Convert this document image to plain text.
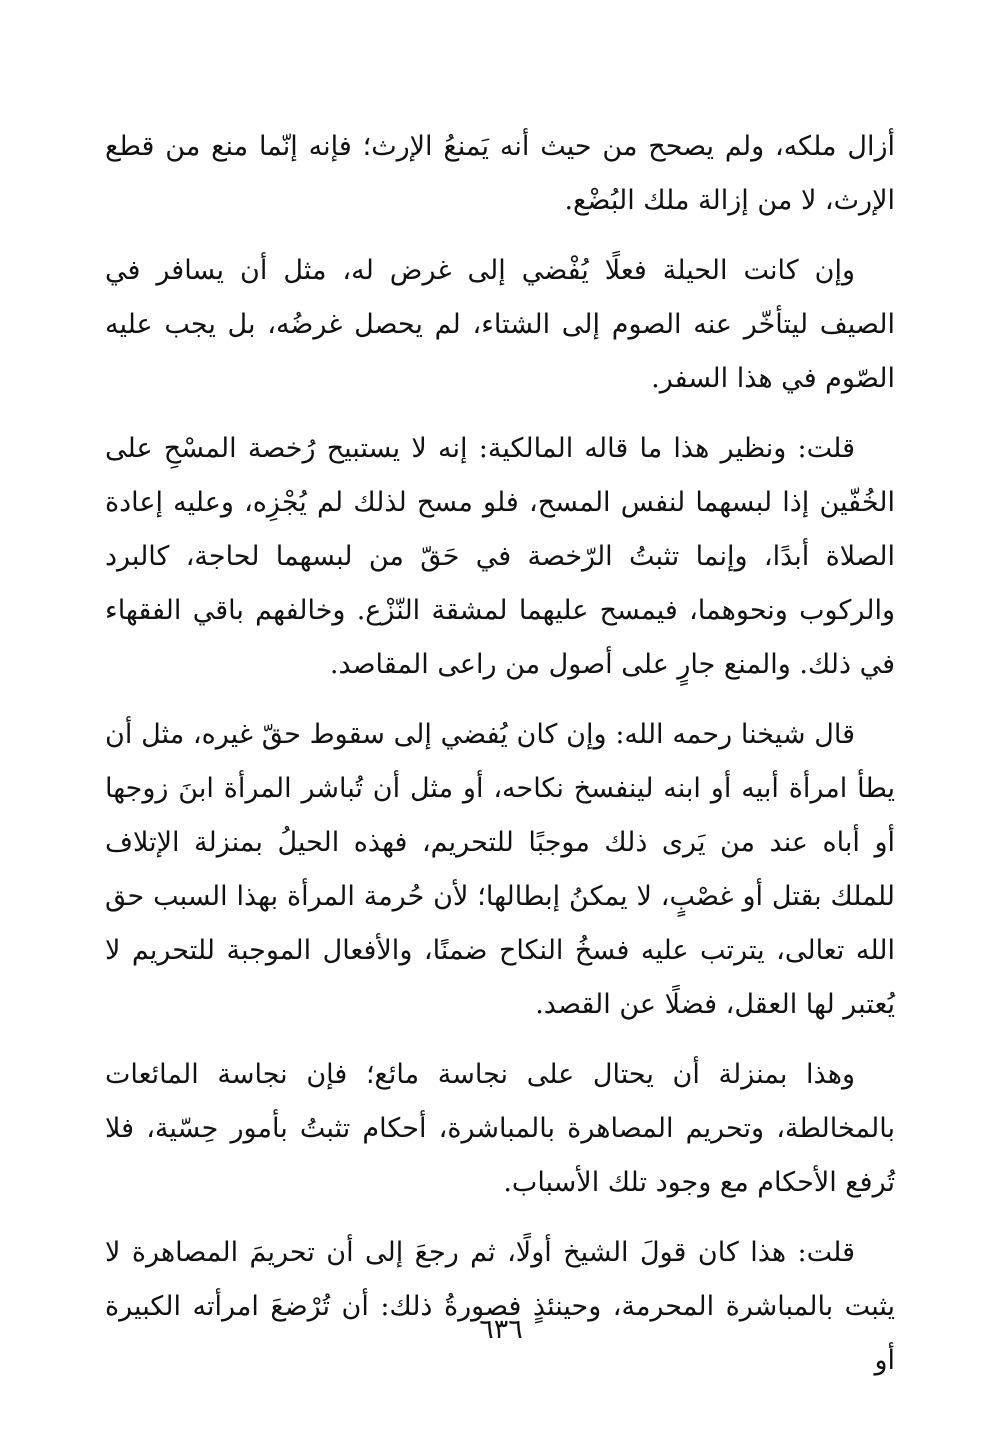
أزال ملكه، ولم يصحح من حيث أنه يَمنعُ الإرث؛ فإنه إنّما منع من قطع الإرث، لا من إزالة ملك البُضْع.

وإن كانت الحيلة فعلًا يُفْضي إلى غرض له، مثل أن يسافر في الصيف ليتأخّر عنه الصوم إلى الشتاء، لم يحصل غرضُه، بل يجب عليه الصّوم في هذا السفر.

قلت: ونظير هذا ما قاله المالكية: إنه لا يستبيح رُخصة المسْحِ على الخُفّين إذا لبسهما لنفس المسح، فلو مسح لذلك لم يُجْزِه، وعليه إعادة الصلاة أبدًا، وإنما تثبتُ الرّخصة في حَقّ من لبسهما لحاجة، كالبرد والركوب ونحوهما، فيمسح عليهما لمشقة النّزْع. وخالفهم باقي الفقهاء في ذلك. والمنع جارٍ على أصول من راعى المقاصد.

قال شيخنا رحمه الله: وإن كان يُفضي إلى سقوط حقّ غيره، مثل أن يطأ امرأة أبيه أو ابنه لينفسخ نكاحه، أو مثل أن تُباشر المرأة ابنَ زوجها أو أباه عند من يَرى ذلك موجبًا للتحريم، فهذه الحيلُ بمنزلة الإتلاف للملك بقتل أو غصْبٍ، لا يمكنُ إبطالها؛ لأن حُرمة المرأة بهذا السبب حق الله تعالى، يترتب عليه فسخُ النكاح ضمنًا، والأفعال الموجبة للتحريم لا يُعتبر لها العقل، فضلًا عن القصد.

وهذا بمنزلة أن يحتال على نجاسة مائع؛ فإن نجاسة المائعات بالمخالطة، وتحريم المصاهرة بالمباشرة، أحكام تثبتُ بأمور حِسّية، فلا تُرفع الأحكام مع وجود تلك الأسباب.

قلت: هذا كان قولَ الشيخ أولًا، ثم رجعَ إلى أن تحريمَ المصاهرة لا يثبت بالمباشرة المحرمة، وحينئذٍ فصورةُ ذلك: أن تُرْضعَ امرأته الكبيرة أو

٦٣٦
